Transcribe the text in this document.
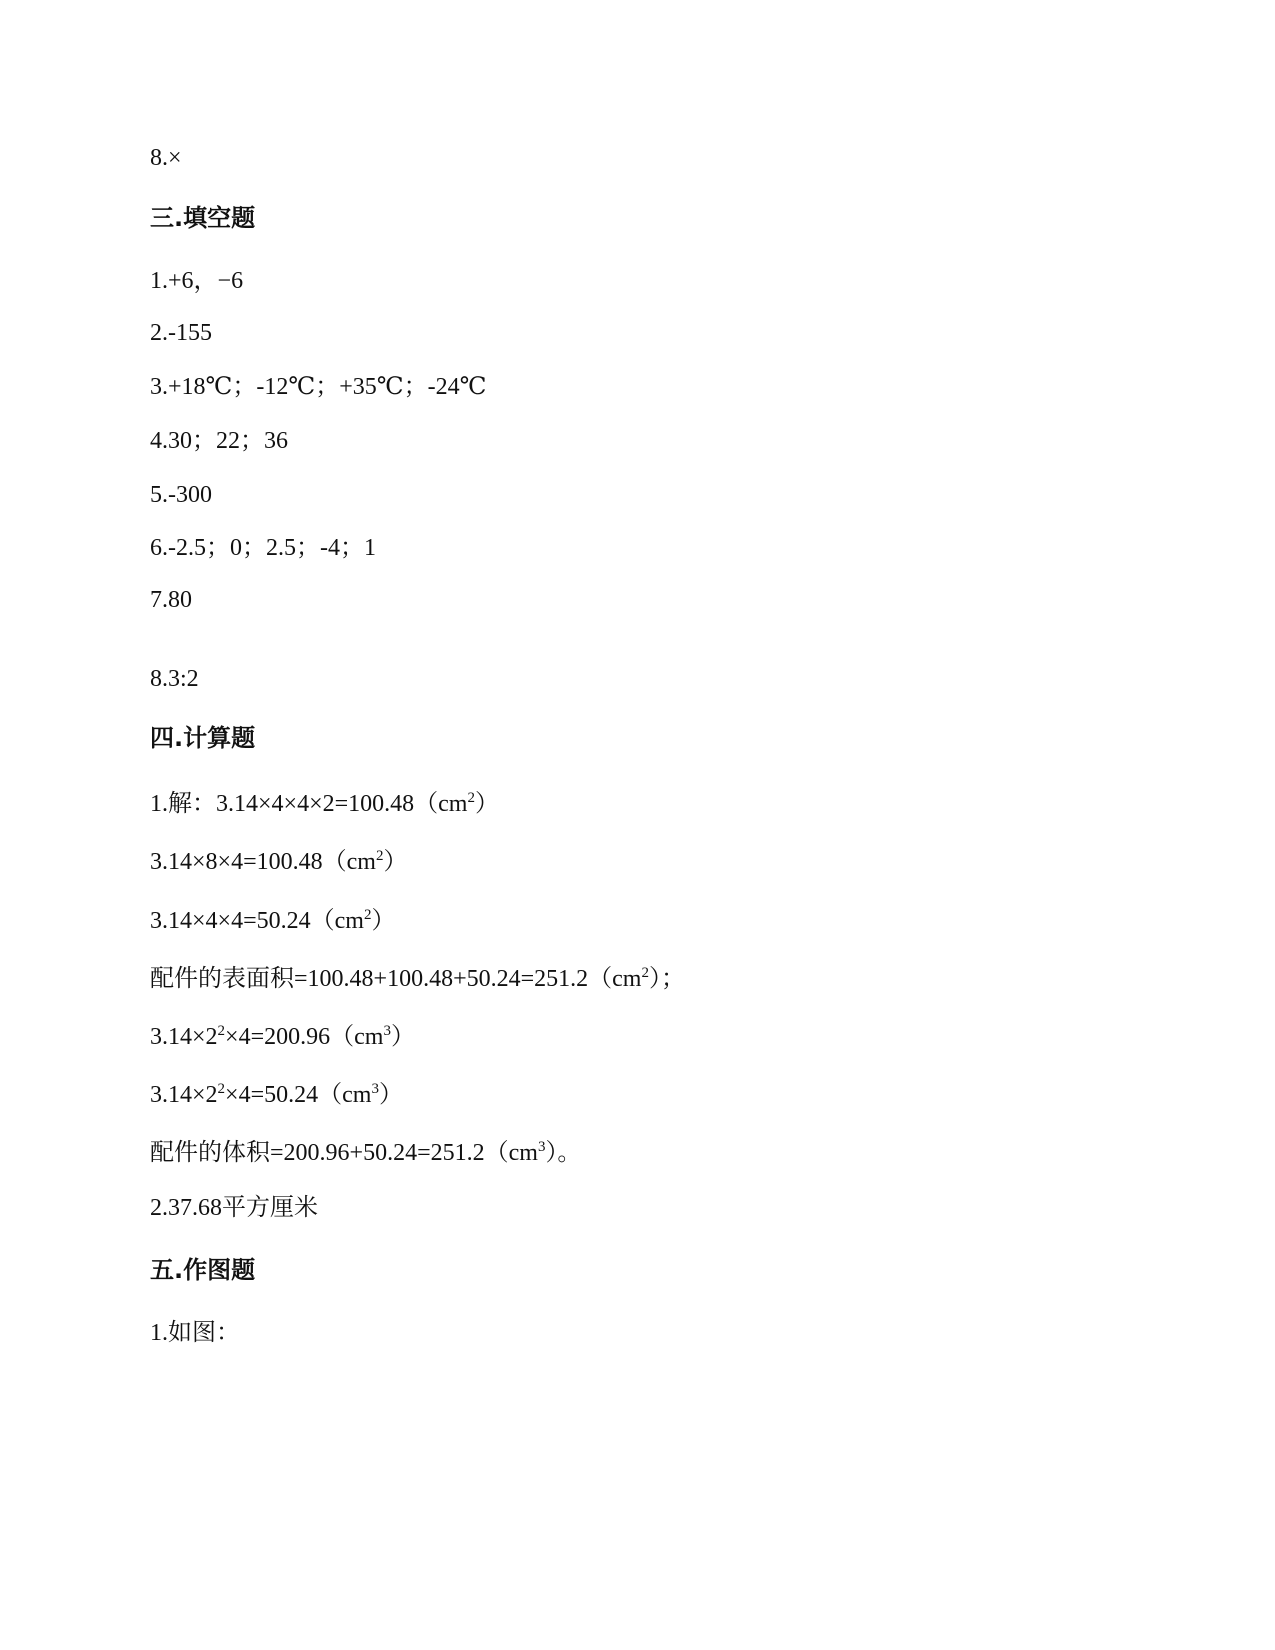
8.×
三.填空题
1.+6，−6
2.-155
3.+18℃；-12℃；+35℃；-24℃
4.30；22；36
5.-300
6.-2.5；0；2.5；-4；1
7.80
8.3:2
四.计算题
1.解：$3.14\times 4\times 4\times 2=100.48(cm^2)$
$3.14\times 8\times 4=100.48(cm^2)$
$3.14\times 4\times 4=50.24(cm^2)$
配件的表面积$=100.48+100.48+50.24=251.2(cm^2)$；
$3.14\times 2^2\times 4=200.96(cm^3)$
$3.14\times 2^2\times 4=50.24(cm^3)$
配件的体积$=200.96+50.24=251.2(cm^3)$。
2.37.68平方厘米
五.作图题
1.如图：
